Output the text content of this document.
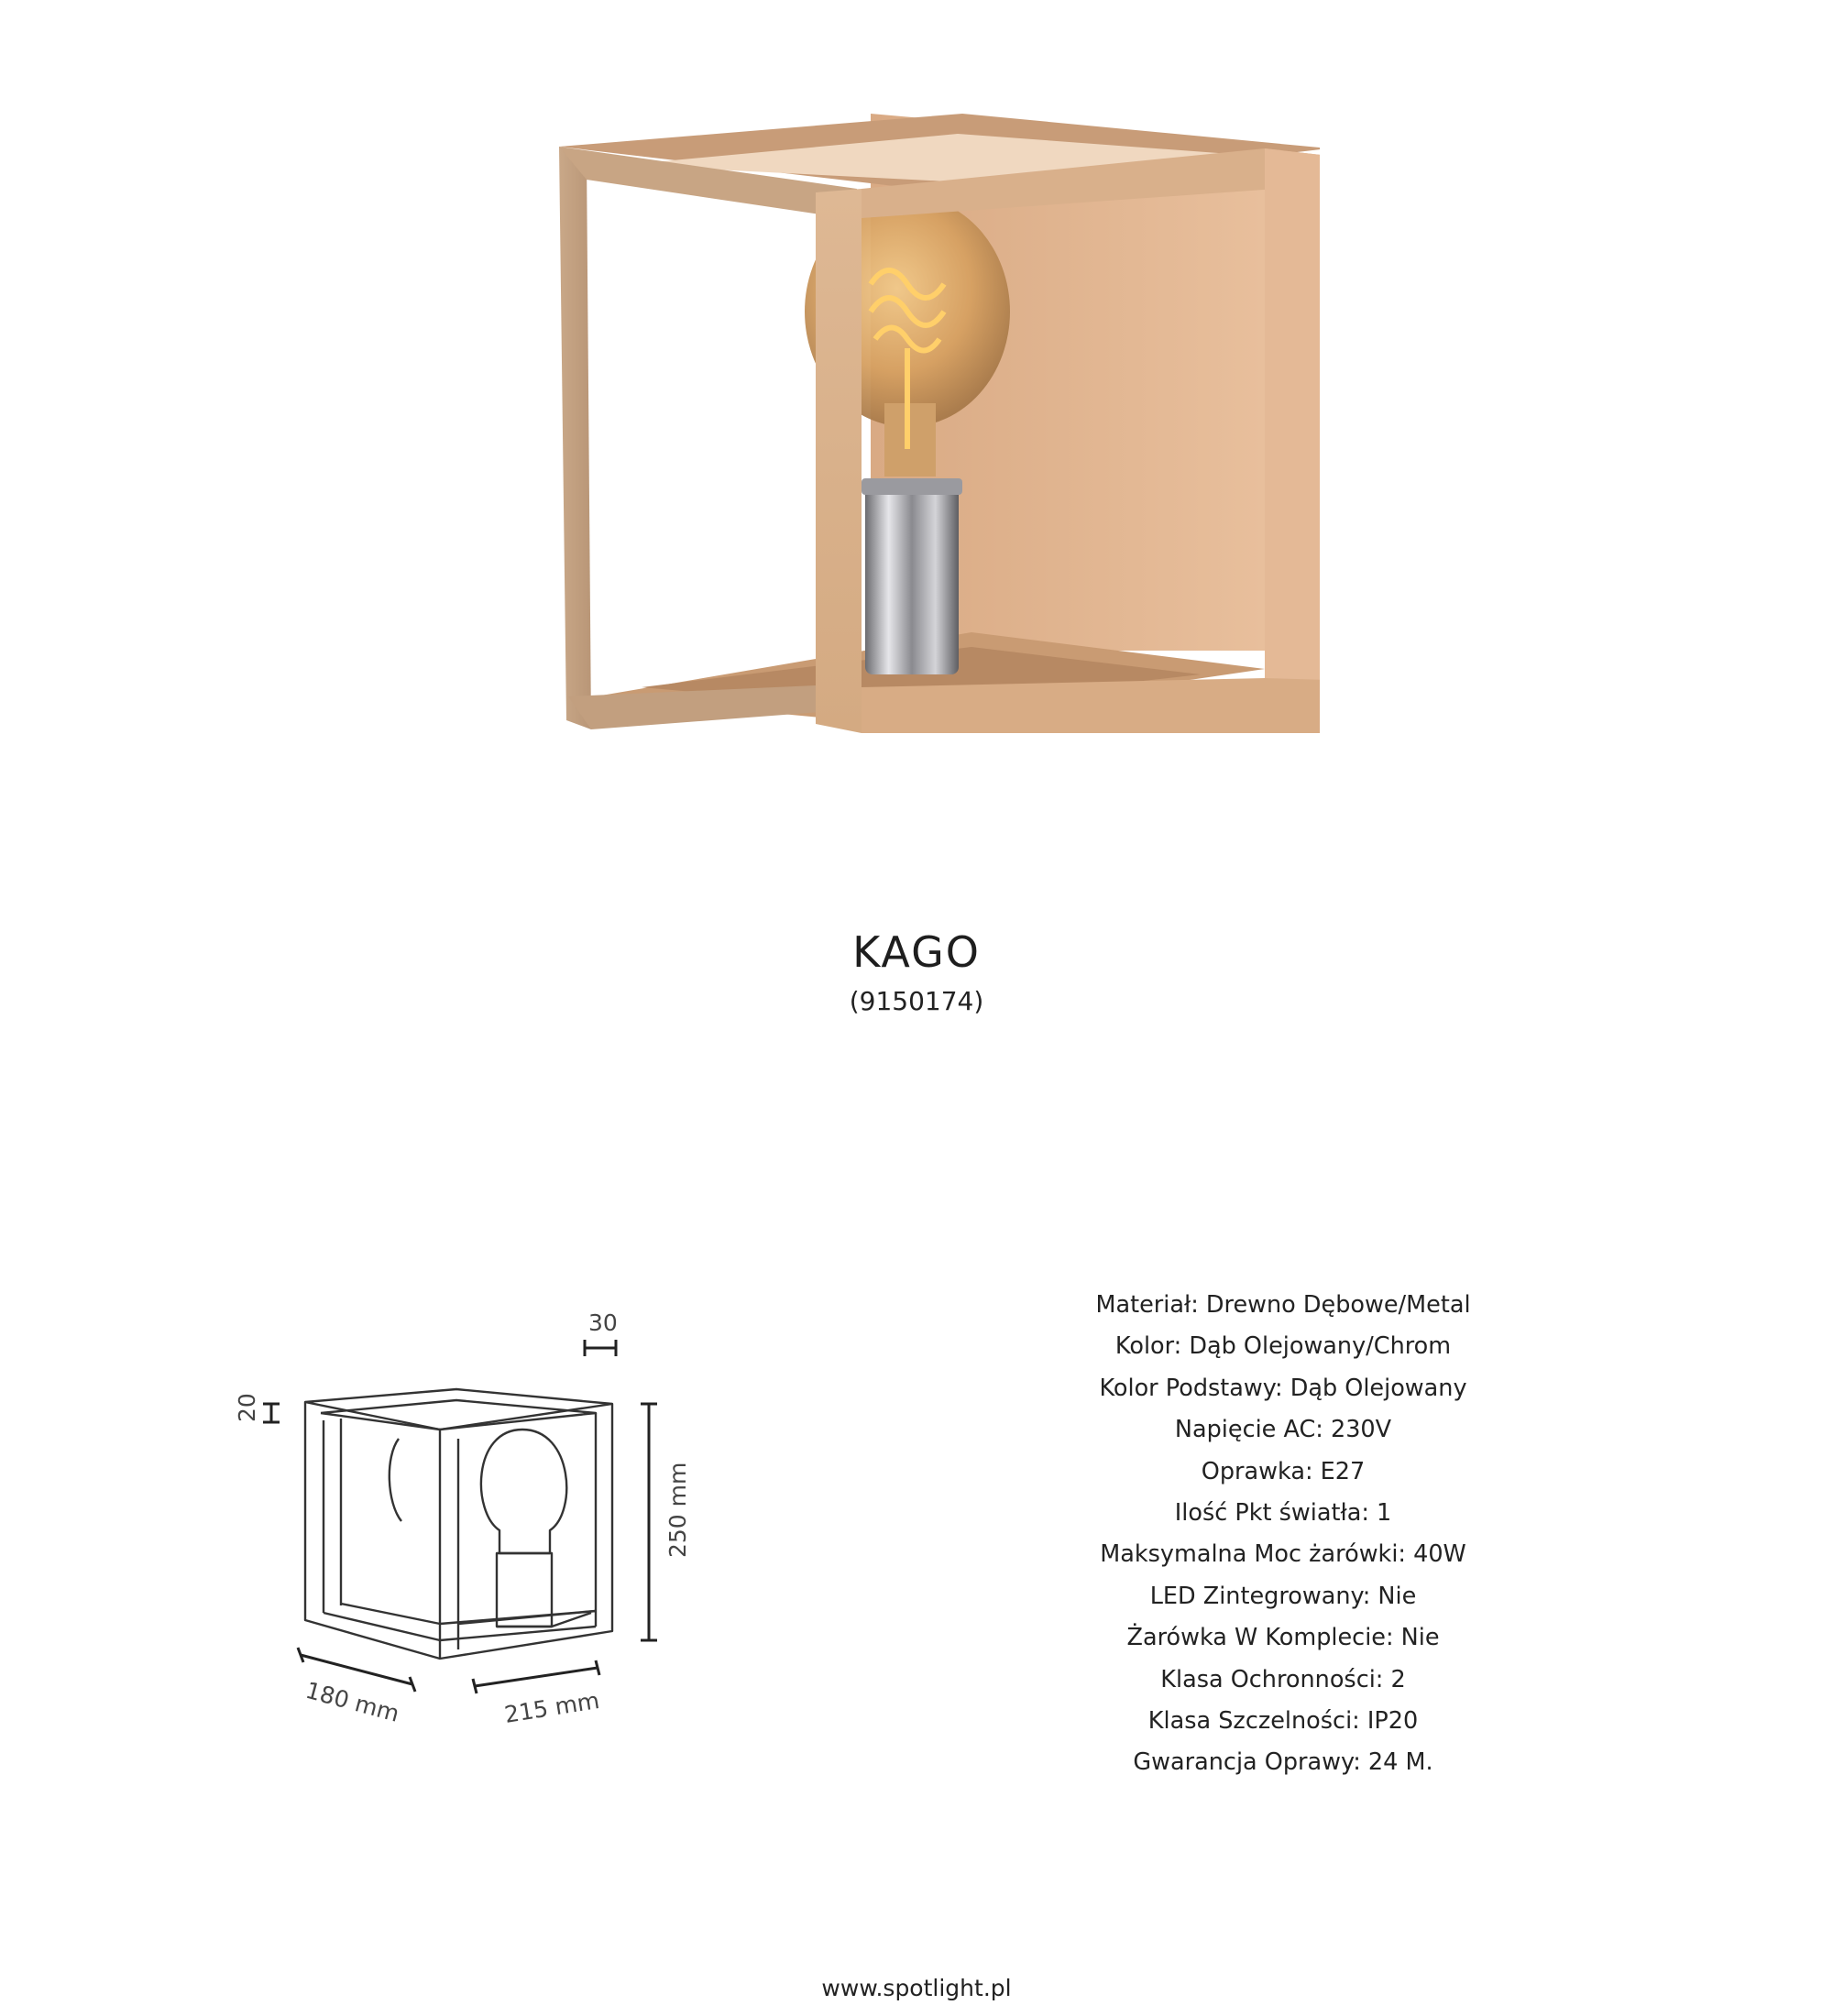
KAGO
(9150174)
30
20
250 mm
180 mm	215 mm
Materiał: Drewno Dębowe/Metal
Kolor: Dąb Olejowany/Chrom
Kolor Podstawy: Dąb Olejowany
Napięcie AC: 230V
Oprawka: E27
Ilość Pkt światła: 1
Maksymalna Moc żarówki: 40W
LED Zintegrowany: Nie
Żarówka W Komplecie: Nie
Klasa Ochronności: 2
Klasa Szczelności: IP20
Gwarancja Oprawy: 24 M.
www.spotlight.pl
